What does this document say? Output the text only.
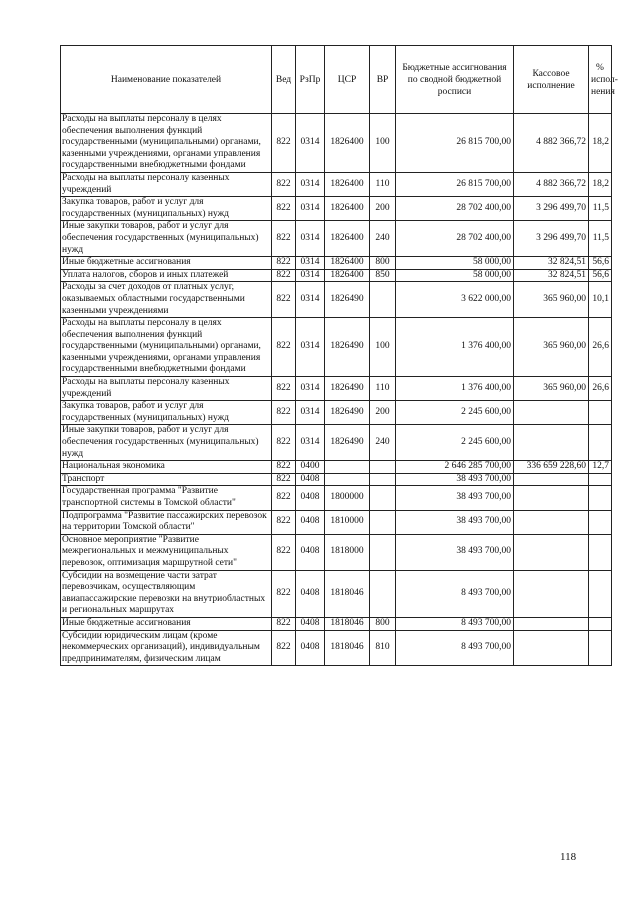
Наименование показателей	Вед	РзПр	ЦСР	ВР	Бюджетные ассигнования по сводной бюджетной росписи	Кассовое исполнение	% испол-нения
Расходы на выплаты персоналу в целях обеспечения выполнения функций государственными (муниципальными) органами, казенными учреждениями, органами управления государственными внебюджетными фондами	822	0314	1826400	100	26 815 700,00	4 882 366,72	18,2
Расходы на выплаты персоналу казенных учреждений	822	0314	1826400	110	26 815 700,00	4 882 366,72	18,2
Закупка товаров, работ и услуг для государственных (муниципальных) нужд	822	0314	1826400	200	28 702 400,00	3 296 499,70	11,5
Иные закупки товаров, работ и услуг для обеспечения государственных (муниципальных) нужд	822	0314	1826400	240	28 702 400,00	3 296 499,70	11,5
Иные бюджетные ассигнования	822	0314	1826400	800	58 000,00	32 824,51	56,6
Уплата налогов, сборов и иных платежей	822	0314	1826400	850	58 000,00	32 824,51	56,6
Расходы за счет доходов от платных услуг, оказываемых областными государственными казенными учреждениями	822	0314	1826490		3 622 000,00	365 960,00	10,1
Расходы на выплаты персоналу в целях обеспечения выполнения функций государственными (муниципальными) органами, казенными учреждениями, органами управления государственными внебюджетными фондами	822	0314	1826490	100	1 376 400,00	365 960,00	26,6
Расходы на выплаты персоналу казенных учреждений	822	0314	1826490	110	1 376 400,00	365 960,00	26,6
Закупка товаров, работ и услуг для государственных (муниципальных) нужд	822	0314	1826490	200	2 245 600,00		
Иные закупки товаров, работ и услуг для обеспечения государственных (муниципальных) нужд	822	0314	1826490	240	2 245 600,00		
Национальная экономика	822	0400			2 646 285 700,00	336 659 228,60	12,7
Транспорт	822	0408			38 493 700,00		
Государственная программа "Развитие транспортной системы в Томской области"	822	0408	1800000		38 493 700,00		
Подпрограмма "Развитие пассажирских перевозок на территории Томской области"	822	0408	1810000		38 493 700,00		
Основное мероприятие "Развитие межрегиональных и межмуниципальных перевозок, оптимизация маршрутной сети"	822	0408	1818000		38 493 700,00		
Субсидии на возмещение части затрат перевозчикам, осуществляющим авиапассажирские перевозки на внутриобластных и региональных маршрутах	822	0408	1818046		8 493 700,00		
Иные бюджетные ассигнования	822	0408	1818046	800	8 493 700,00		
Субсидии юридическим лицам (кроме некоммерческих организаций), индивидуальным предпринимателям, физическим лицам	822	0408	1818046	810	8 493 700,00		
118
